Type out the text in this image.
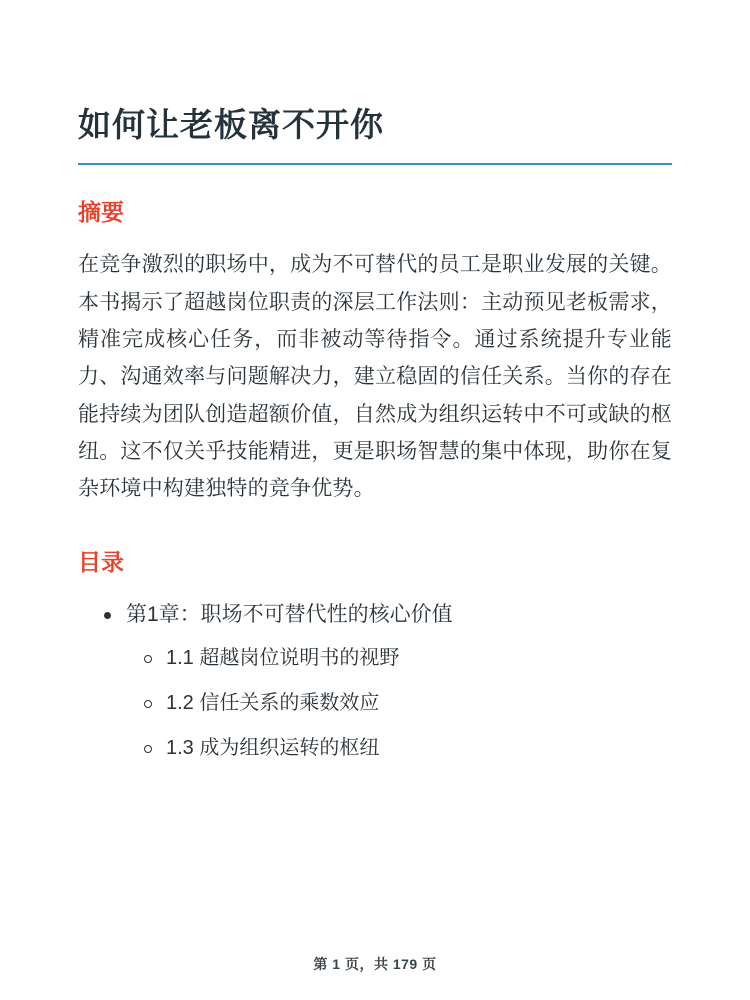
如何让老板离不开你
摘要

在竞争激烈的职场中，成为不可替代的员工是职业发展的关键。本书揭示了超越岗位职责的深层工作法则：主动预见老板需求，精准完成核心任务，而非被动等待指令。通过系统提升专业能力、沟通效率与问题解决力，建立稳固的信任关系。当你的存在能持续为团队创造超额价值，自然成为组织运转中不可或缺的枢纽。这不仅关乎技能精进，更是职场智慧的集中体现，助你在复杂环境中构建独特的竞争优势。

目录
第1章：职场不可替代性的核心价值
1.1 超越岗位说明书的视野
1.2 信任关系的乘数效应
1.3 成为组织运转的枢纽
第 1 页，共 179 页
